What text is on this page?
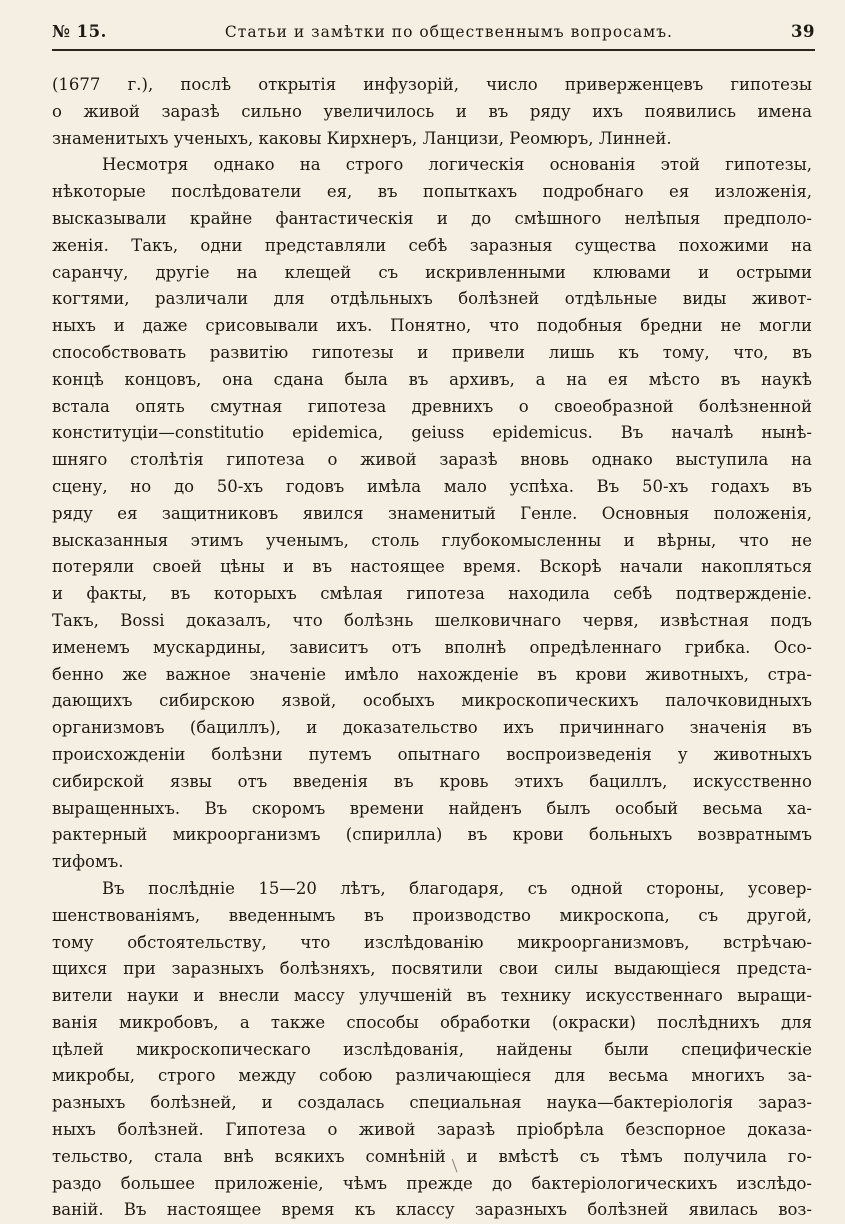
№ 15.	Статьи и замѣтки по общественнымъ вопросамъ.	39
(1677 г.), послѣ открытія инфузорій, число приверженцевъ гипотезы
о живой заразѣ сильно увеличилось и въ ряду ихъ появились имена
знаменитыхъ ученыхъ, каковы Кирхнеръ, Ланцизи, Реомюръ, Линней.
Несмотря однако на строго логическія основанія этой гипотезы,
нѣкоторые послѣдователи ея, въ попыткахъ подробнаго ея изложенія,
высказывали крайне фантастическія и до смѣшного нелѣпыя предполо-
женія. Такъ, одни представляли себѣ заразныя существа похожими на
саранчу, другіе на клещей съ искривленными клювами и острыми
когтями, различали для отдѣльныхъ болѣзней отдѣльные виды живот-
ныхъ и даже срисовывали ихъ. Понятно, что подобныя бредни не могли
способствовать развитію гипотезы и привели лишь къ тому, что, въ
концѣ концовъ, она сдана была въ архивъ, а на ея мѣсто въ наукѣ
встала опять смутная гипотеза древнихъ о своеобразной болѣзненной
конституціи—constitutio epidemica, geiuss epidemicus. Въ началѣ нынѣ-
шняго столѣтія гипотеза о живой заразѣ вновь однако выступила на
сцену, но до 50-хъ годовъ имѣла мало успѣха. Въ 50-хъ годахъ въ
ряду ея защитниковъ явился знаменитый Генле. Основныя положенія,
высказанныя этимъ ученымъ, столь глубокомысленны и вѣрны, что не
потеряли своей цѣны и въ настоящее время. Вскорѣ начали накопляться
и факты, въ которыхъ смѣлая гипотеза находила себѣ подтвержденіе.
Такъ, Bossi доказалъ, что болѣзнь шелковичнаго червя, извѣстная подъ
именемъ мускардины, зависитъ отъ вполнѣ опредѣленнаго грибка. Осо-
бенно же важное значеніе имѣло нахожденіе въ крови животныхъ, стра-
дающихъ сибирскою язвой, особыхъ микроскопическихъ палочковидныхъ
организмовъ (бациллъ), и доказательство ихъ причиннаго значенія въ
происхожденіи болѣзни путемъ опытнаго воспроизведенія у животныхъ
сибирской язвы отъ введенія въ кровь этихъ бациллъ, искусственно
выращенныхъ. Въ скоромъ времени найденъ былъ особый весьма ха-
рактерный микроорганизмъ (спирилла) въ крови больныхъ возвратнымъ
тифомъ.
Въ послѣдніе 15—20 лѣтъ, благодаря, съ одной стороны, усовер-
шенствованіямъ, введеннымъ въ производство микроскопа, съ другой,
тому обстоятельству, что изслѣдованію микроорганизмовъ, встрѣчаю-
щихся при заразныхъ болѣзняхъ, посвятили свои силы выдающіеся предста-
вители науки и внесли массу улучшеній въ технику искусственнаго выращи-
ванія микробовъ, а также способы обработки (окраски) послѣднихъ для
цѣлей микроскопическаго изслѣдованія, найдены были специфическіе
микробы, строго между собою различающіеся для весьма многихъ за-
разныхъ болѣзней, и создалась специальная наука—бактеріологія зараз-
ныхъ болѣзней. Гипотеза о живой заразѣ пріобрѣла безспорное доказа-
тельство, стала внѣ всякихъ сомнѣній и вмѣстѣ съ тѣмъ получила го-
раздо большее приложеніе, чѣмъ прежде до бактеріологическихъ изслѣдо-
ваній. Въ настоящее время къ классу заразныхъ болѣзней явилась воз-
